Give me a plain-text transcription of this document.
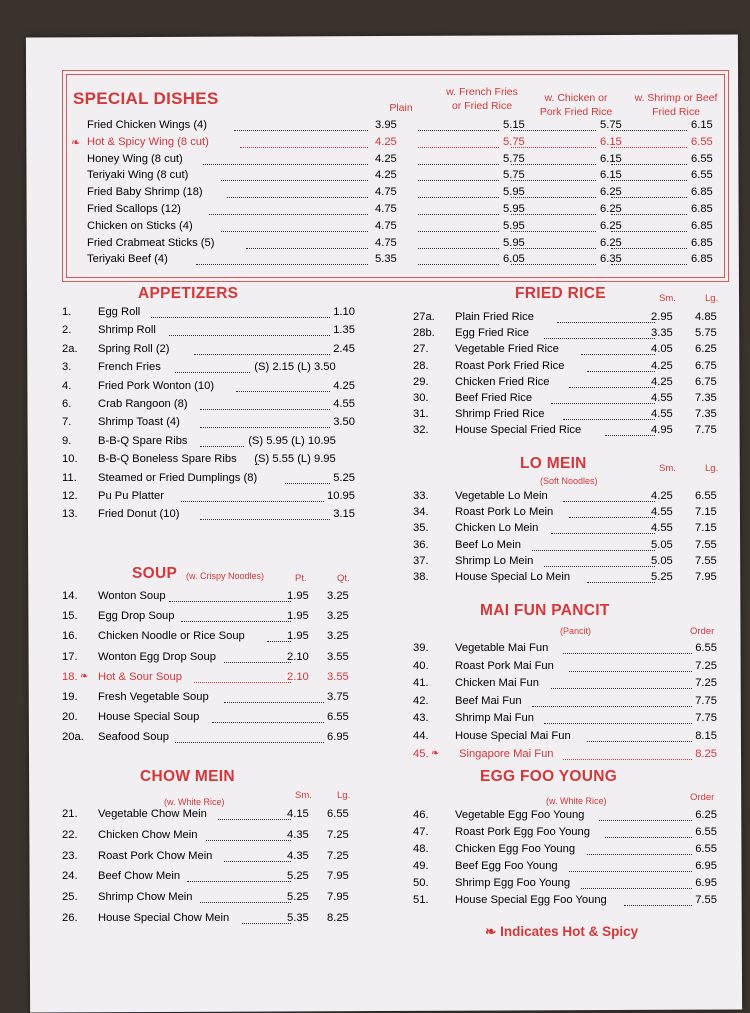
SPECIAL DISHES	Plain
w. French Fries or Fried Rice
w. Chicken or Pork Fried Rice
w. Shrimp or Beef Fried Rice
Fried Chicken Wings (4)	3.95	5.15	5.75	6.15
❧ Hot & Spicy Wing (8 cut)	4.25	5.75	6.15	6.55
Honey Wing (8 cut)	4.25	5.75	6.15	6.55
Teriyaki Wing (8 cut)	4.25	5.75	6.15	6.55
Fried Baby Shrimp (18)	4.75	5.95	6.25	6.85
Fried Scallops (12)	4.75	5.95	6.25	6.85
Chicken on Sticks (4)	4.75	5.95	6.25	6.85
Fried Crabmeat Sticks (5)	4.75	5.95	6.25	6.85
Teriyaki Beef (4)	5.35	6.05	6.35	6.85
APPETIZERS
1. Egg Roll	1.10
2. Shrimp Roll	1.35
2a. Spring Roll (2)	2.45
3. French Fries	(S) 2.15 (L) 3.50
4. Fried Pork Wonton (10)	4.25
6. Crab Rangoon (8)	4.55
7. Shrimp Toast (4)	3.50
9. B-B-Q Spare Ribs	(S) 5.95 (L) 10.95
10. B-B-Q Boneless Spare Ribs (S) 5.55 (L) 9.95
11. Steamed or Fried Dumplings (8)	5.25
12. Pu Pu Platter	10.95
13. Fried Donut (10)	3.15
SOUP (w. Crispy Noodles)	Pt.	Qt.
14. Wonton Soup	1.95 3.25
15. Egg Drop Soup	1.95 3.25
16. Chicken Noodle or Rice Soup	1.95 3.25
17. Wonton Egg Drop Soup	2.10 3.55
18. ❧ Hot & Sour Soup	2.10 3.55
19. Fresh Vegetable Soup	3.75
20. House Special Soup	6.55
20a. Seafood Soup	6.95
CHOW MEIN
(w. White Rice)
Sm.	Lg.
21. Vegetable Chow Mein	4.15 6.55
22. Chicken Chow Mein	4.35 7.25
23. Roast Pork Chow Mein	4.35 7.25
24. Beef Chow Mein	5.25 7.95
25. Shrimp Chow Mein	5.25 7.95
26. House Special Chow Mein	5.35 8.25
FRIED RICE	Sm.	Lg.
27a. Plain Fried Rice	2.95 4.85
28b. Egg Fried Rice	3.35 5.75
27. Vegetable Fried Rice	4.05 6.25
28. Roast Pork Fried Rice	4.25 6.75
29. Chicken Fried Rice	4.25 6.75
30. Beef Fried Rice	4.55 7.35
31. Shrimp Fried Rice	4.55 7.35
32. House Special Fried Rice	4.95 7.75
LO MEIN
(Soft Noodles)
Sm.	Lg.
33. Vegetable Lo Mein	4.25 6.55
34. Roast Pork Lo Mein	4.55 7.15
35. Chicken Lo Mein	4.55 7.15
36. Beef Lo Mein	5.05 7.55
37. Shrimp Lo Mein	5.05 7.55
38. House Special Lo Mein	5.25 7.95
MAI FUN PANCIT
(Pancit)	Order
39. Vegetable Mai Fun	6.55
40. Roast Pork Mai Fun	7.25
41. Chicken Mai Fun	7.25
42. Beef Mai Fun	7.75
43. Shrimp Mai Fun	7.75
44. House Special Mai Fun	8.15
45. ❧ Singapore Mai Fun	8.25
EGG FOO YOUNG
(w. White Rice)	Order
46. Vegetable Egg Foo Young	6.25
47. Roast Pork Egg Foo Young	6.55
48. Chicken Egg Foo Young	6.55
49. Beef Egg Foo Young	6.95
50. Shrimp Egg Foo Young	6.95
51. House Special Egg Foo Young	7.55
❧ Indicates Hot & Spicy
